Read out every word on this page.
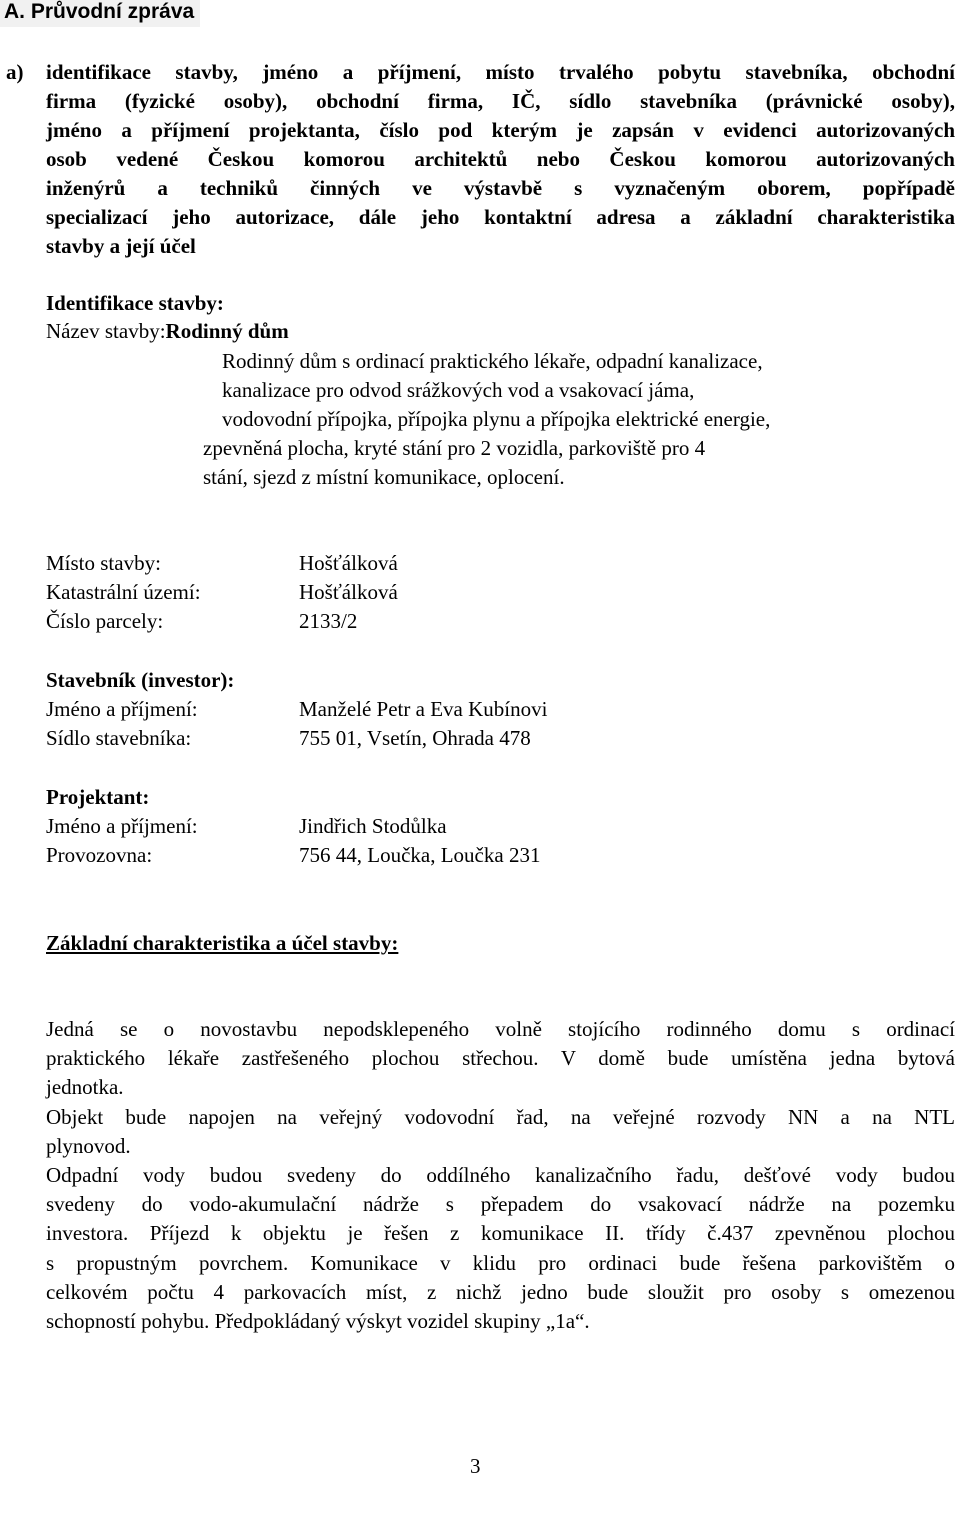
A. Průvodní zpráva
a) identifikace stavby, jméno a příjmení, místo trvalého pobytu stavebníka, obchodní
firma (fyzické osoby), obchodní firma, IČ, sídlo stavebníka (právnické osoby),
jméno a příjmení projektanta, číslo pod kterým je zapsán v evidenci autorizovaných
osob vedené Českou komorou architektů nebo Českou komorou autorizovaných
inženýrů a techniků činných ve výstavbě s vyznačeným oborem, popřípadě
specializací jeho autorizace, dále jeho kontaktní adresa a základní charakteristika
stavby a její účel
Identifikace stavby:
Název stavby:Rodinný dům
Rodinný dům s ordinací praktického lékaře, odpadní kanalizace,
kanalizace pro odvod srážkových vod a vsakovací jáma,
vodovodní přípojka, přípojka plynu a přípojka elektrické energie,
zpevněná plocha, kryté stání pro 2 vozidla, parkoviště pro 4
stání, sjezd z místní komunikace, oplocení.
Místo stavby:	Hošťálková
Katastrální území:	Hošťálková
Číslo parcely:	2133/2
Stavebník (investor):
Jméno a příjmení:	Manželé Petr a Eva Kubínovi
Sídlo stavebníka:	755 01, Vsetín, Ohrada 478
Projektant:
Jméno a příjmení:	Jindřich Stodůlka
Provozovna:	756 44, Loučka, Loučka 231
Základní charakteristika a účel stavby:
Jedná se o novostavbu nepodsklepeného volně stojícího rodinného domu s ordinací
praktického lékaře zastřešeného plochou střechou. V domě bude umístěna jedna bytová
jednotka.
Objekt bude napojen na veřejný vodovodní řad, na veřejné rozvody NN a na NTL
plynovod.
Odpadní vody budou svedeny do oddílného kanalizačního řadu, dešťové vody budou
svedeny do vodo-akumulační nádrže s přepadem do vsakovací nádrže na pozemku
investora. Příjezd k objektu je řešen z komunikace II. třídy č.437 zpevněnou plochou
s propustným povrchem. Komunikace v klidu pro ordinaci bude řešena parkovištěm o
celkovém počtu 4 parkovacích míst, z nichž jedno bude sloužit pro osoby s omezenou
schopností pohybu. Předpokládaný výskyt vozidel skupiny „1a“.
3
